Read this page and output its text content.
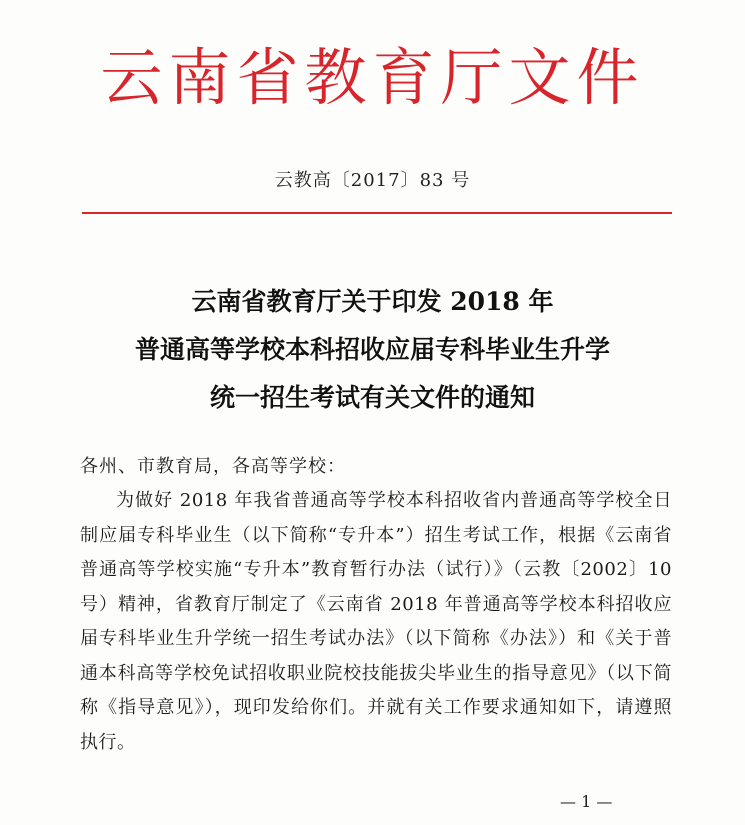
云南省教育厅文件
云教高〔2017〕83 号
云南省教育厅关于印发 2018 年
普通高等学校本科招收应届专科毕业生升学
统一招生考试有关文件的通知
各州、市教育局，各高等学校：

为做好 2018 年我省普通高等学校本科招收省内普通高等学校全日制应届专科毕业生（以下简称“专升本”）招生考试工作，根据《云南省普通高等学校实施“专升本”教育暂行办法（试行）》（云教〔2002〕10 号）精神，省教育厅制定了《云南省 2018 年普通高等学校本科招收应届专科毕业生升学统一招生考试办法》（以下简称《办法》）和《关于普通本科高等学校免试招收职业院校技能拔尖毕业生的指导意见》（以下简称《指导意见》），现印发给你们。并就有关工作要求通知如下，请遵照执行。

— 1 —
